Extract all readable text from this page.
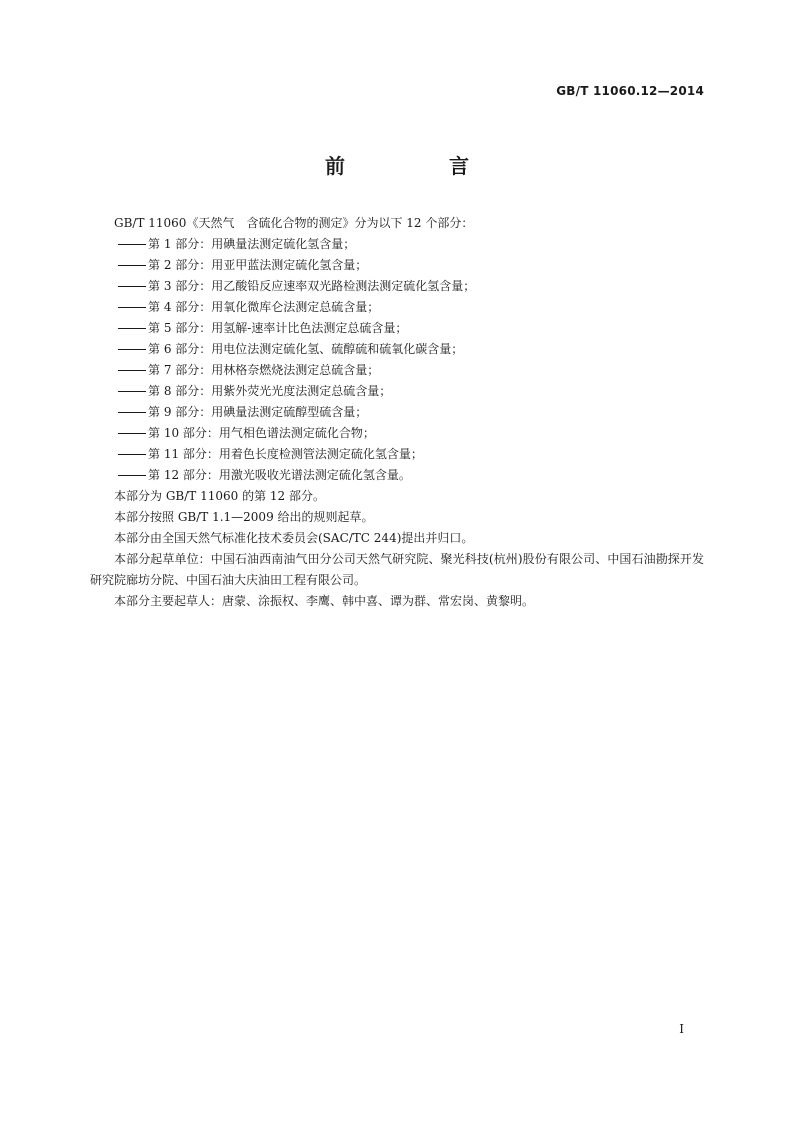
GB/T 11060.12—2014
前　言

GB/T 11060《天然气　含硫化合物的测定》分为以下 12 个部分：

第 1 部分：用碘量法测定硫化氢含量；

第 2 部分：用亚甲蓝法测定硫化氢含量；

第 3 部分：用乙酸铅反应速率双光路检测法测定硫化氢含量；

第 4 部分：用氧化微库仑法测定总硫含量；

第 5 部分：用氢解-速率计比色法测定总硫含量；

第 6 部分：用电位法测定硫化氢、硫醇硫和硫氧化碳含量；

第 7 部分：用林格奈燃烧法测定总硫含量；

第 8 部分：用紫外荧光光度法测定总硫含量；

第 9 部分：用碘量法测定硫醇型硫含量；

第 10 部分：用气相色谱法测定硫化合物；

第 11 部分：用着色长度检测管法测定硫化氢含量；

第 12 部分：用激光吸收光谱法测定硫化氢含量。

本部分为 GB/T 11060 的第 12 部分。

本部分按照 GB/T 1.1—2009 给出的规则起草。

本部分由全国天然气标准化技术委员会(SAC/TC 244)提出并归口。

本部分起草单位：中国石油西南油气田分公司天然气研究院、聚光科技(杭州)股份有限公司、中国石油勘探开发研究院廊坊分院、中国石油大庆油田工程有限公司。

本部分主要起草人：唐蒙、涂振权、李鹰、韩中喜、谭为群、常宏岗、黄黎明。

I
